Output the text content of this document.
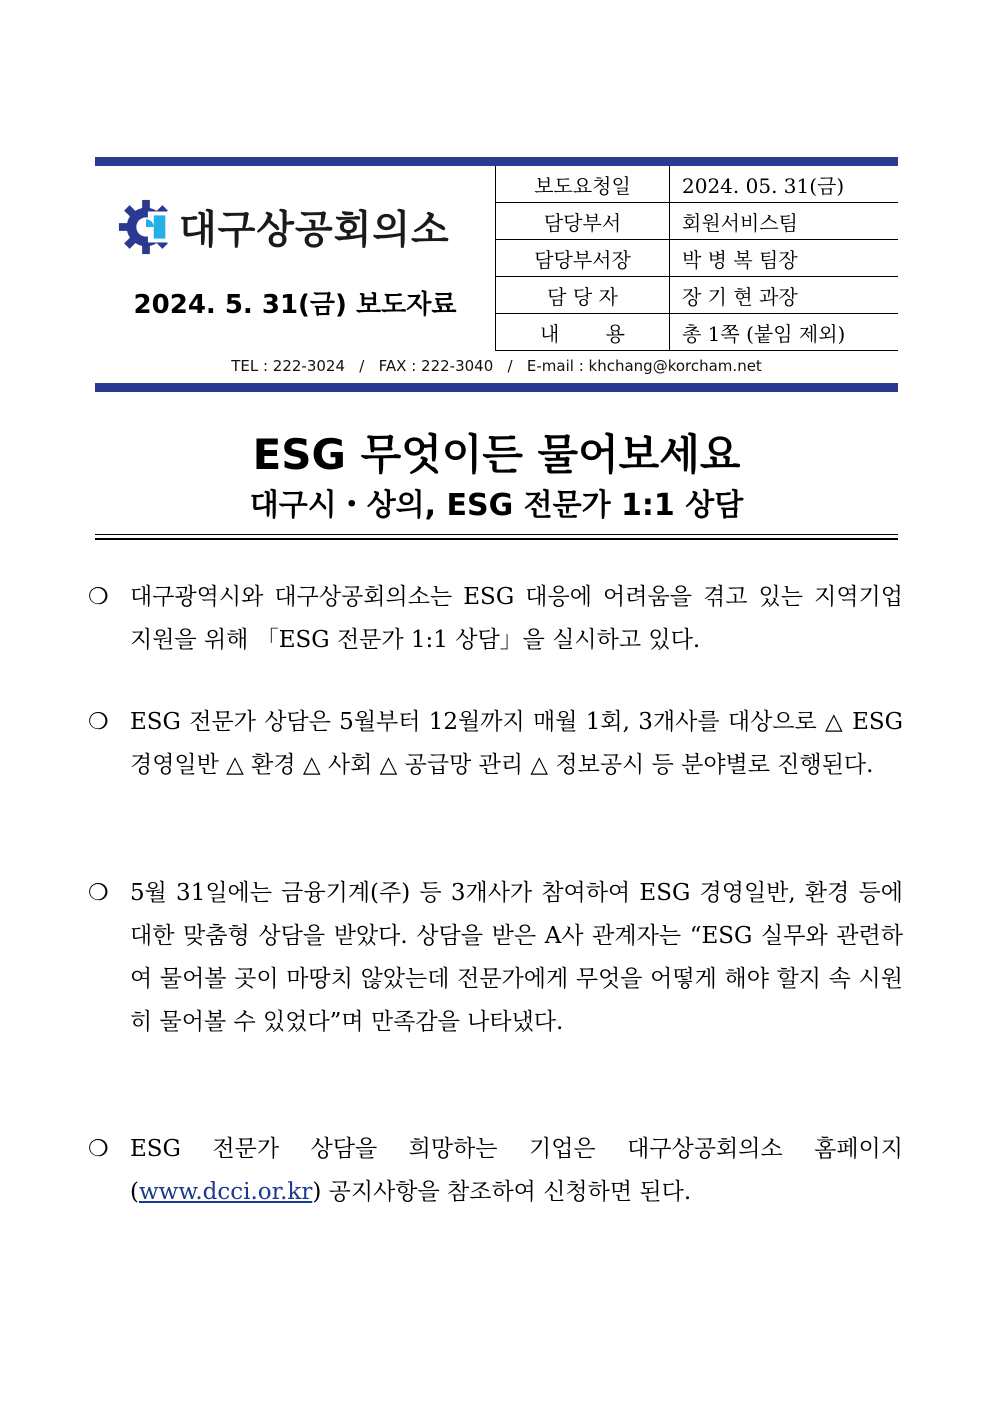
대구상공회의소
2024. 5. 31(금) 보도자료
보도요청일	2024. 05. 31(금)
담당부서	회원서비스팀
담당부서장	박 병 복 팀장
담 당 자	장 기 현 과장
내 용	총 1쪽 (붙임 제외)
TEL : 222-3024   /   FAX : 222-3040   /   E-mail : khchang@korcham.net
ESG 무엇이든 물어보세요
대구시・상의, ESG 전문가 1:1 상담
❍ 대구광역시와 대구상공회의소는 ESG 대응에 어려움을 겪고 있는 지역기업 지원을 위해 「ESG 전문가 1:1 상담」을 실시하고 있다.
❍ ESG 전문가 상담은 5월부터 12월까지 매월 1회, 3개사를 대상으로 △ ESG 경영일반 △ 환경 △ 사회 △ 공급망 관리 △ 정보공시 등 분야별로 진행된다.
❍ 5월 31일에는 금융기계(주) 등 3개사가 참여하여 ESG 경영일반, 환경 등에 대한 맞춤형 상담을 받았다. 상담을 받은 A사 관계자는 “ESG 실무와 관련하여 물어볼 곳이 마땅치 않았는데 전문가에게 무엇을 어떻게 해야 할지 속 시원히 물어볼 수 있었다”며 만족감을 나타냈다.
❍ ESG 전문가 상담을 희망하는 기업은 대구상공회의소 홈페이지 (www.dcci.or.kr) 공지사항을 참조하여 신청하면 된다.
